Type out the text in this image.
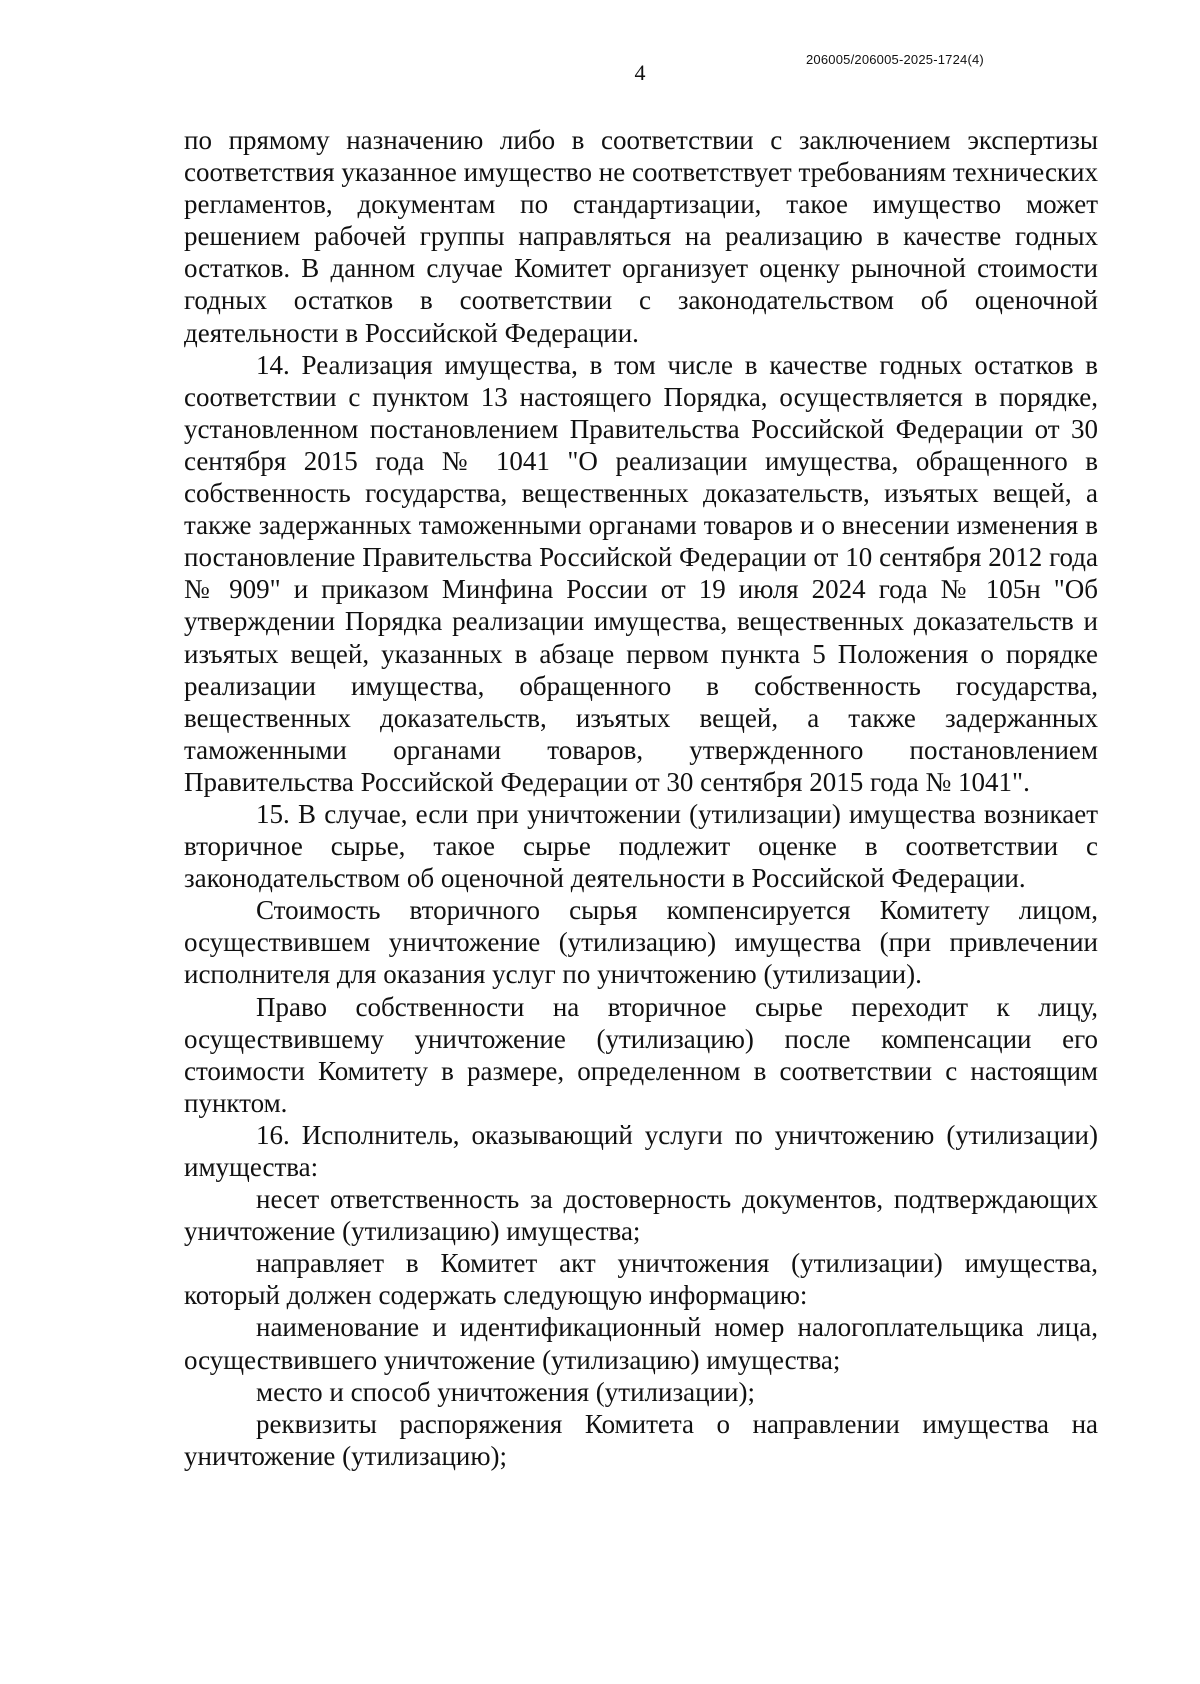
4
206005/206005-2025-1724(4)

по прямому назначению либо в соответствии с заключением экспертизы соответствия указанное имущество не соответствует требованиям технических регламентов, документам по стандартизации, такое имущество может решением рабочей группы направляться на реализацию в качестве годных остатков. В данном случае Комитет организует оценку рыночной стоимости годных остатков в соответствии с законодательством об оценочной деятельности в Российской Федерации.

14. Реализация имущества, в том числе в качестве годных остатков в соответствии с пунктом 13 настоящего Порядка, осуществляется в порядке, установленном постановлением Правительства Российской Федерации от 30 сентября 2015 года № 1041 "О реализации имущества, обращенного в собственность государства, вещественных доказательств, изъятых вещей, а также задержанных таможенными органами товаров и о внесении изменения в постановление Правительства Российской Федерации от 10 сентября 2012 года № 909" и приказом Минфина России от 19 июля 2024 года № 105н "Об утверждении Порядка реализации имущества, вещественных доказательств и изъятых вещей, указанных в абзаце первом пункта 5 Положения о порядке реализации имущества, обращенного в собственность государства, вещественных доказательств, изъятых вещей, а также задержанных таможенными органами товаров, утвержденного постановлением Правительства Российской Федерации от 30 сентября 2015 года № 1041".

15. В случае, если при уничтожении (утилизации) имущества возникает вторичное сырье, такое сырье подлежит оценке в соответствии с законодательством об оценочной деятельности в Российской Федерации.

Стоимость вторичного сырья компенсируется Комитету лицом, осуществившем уничтожение (утилизацию) имущества (при привлечении исполнителя для оказания услуг по уничтожению (утилизации).

Право собственности на вторичное сырье переходит к лицу, осуществившему уничтожение (утилизацию) после компенсации его стоимости Комитету в размере, определенном в соответствии с настоящим пунктом.

16. Исполнитель, оказывающий услуги по уничтожению (утилизации) имущества:

несет ответственность за достоверность документов, подтверждающих уничтожение (утилизацию) имущества;

направляет в Комитет акт уничтожения (утилизации) имущества, который должен содержать следующую информацию:

наименование и идентификационный номер налогоплательщика лица, осуществившего уничтожение (утилизацию) имущества;

место и способ уничтожения (утилизации);

реквизиты распоряжения Комитета о направлении имущества на уничтожение (утилизацию);
